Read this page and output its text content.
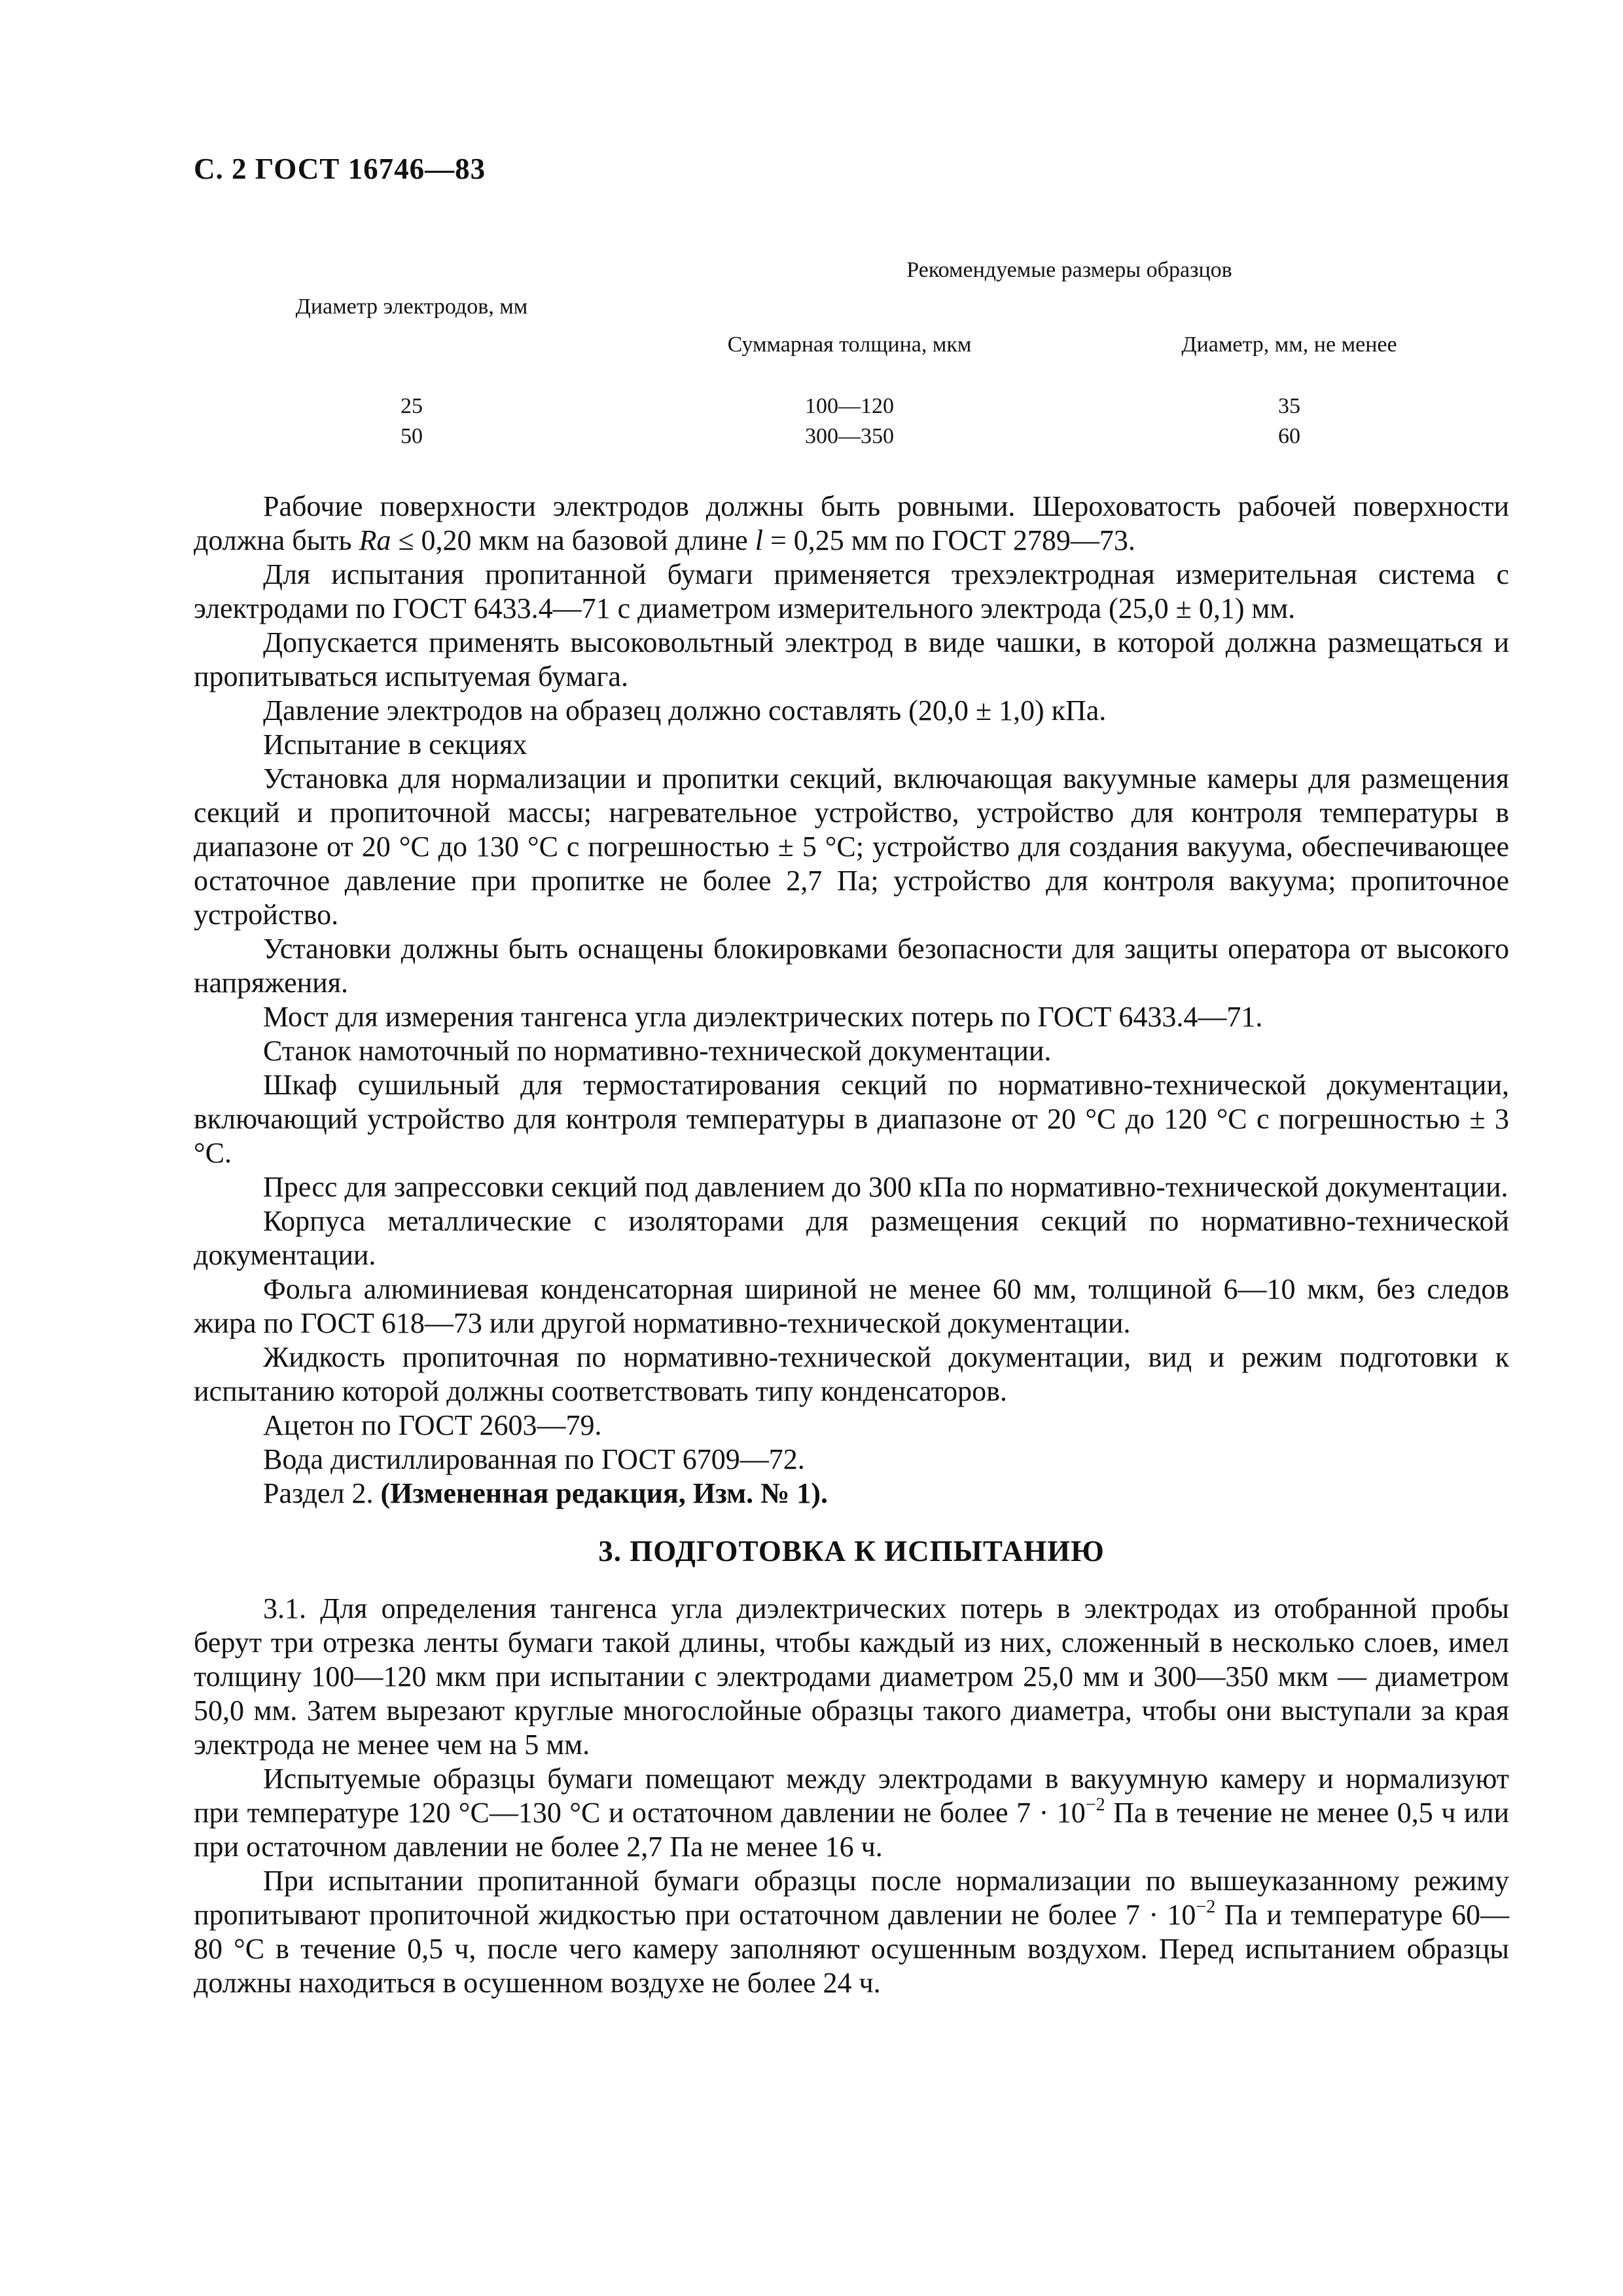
С. 2 ГОСТ 16746—83
Диаметр электродов, мм
Рекомендуемые размеры образцов
Суммарная толщина, мкм	Диаметр, мм, не менее
25	100—120	35
50	300—350	60

Рабочие поверхности электродов должны быть ровными. Шероховатость рабочей поверхности должна быть Ra ≤ 0,20 мкм на базовой длине l = 0,25 мм по ГОСТ 2789—73.

Для испытания пропитанной бумаги применяется трехэлектродная измерительная система с электродами по ГОСТ 6433.4—71 с диаметром измерительного электрода (25,0 ± 0,1) мм.

Допускается применять высоковольтный электрод в виде чашки, в которой должна размещаться и пропитываться испытуемая бумага.

Давление электродов на образец должно составлять (20,0 ± 1,0) кПа.

Испытание в секциях

Установка для нормализации и пропитки секций, включающая вакуумные камеры для размещения секций и пропиточной массы; нагревательное устройство, устройство для контроля температуры в диапазоне от 20 °С до 130 °С с погрешностью ± 5 °С; устройство для создания вакуума, обеспечивающее остаточное давление при пропитке не более 2,7 Па; устройство для контроля вакуума; пропиточное устройство.

Установки должны быть оснащены блокировками безопасности для защиты оператора от высокого напряжения.

Мост для измерения тангенса угла диэлектрических потерь по ГОСТ 6433.4—71.

Станок намоточный по нормативно-технической документации.

Шкаф сушильный для термостатирования секций по нормативно-технической документации, включающий устройство для контроля температуры в диапазоне от 20 °С до 120 °С с погрешностью ± 3 °С.

Пресс для запрессовки секций под давлением до 300 кПа по нормативно-технической документации.

Корпуса металлические с изоляторами для размещения секций по нормативно-технической документации.

Фольга алюминиевая конденсаторная шириной не менее 60 мм, толщиной 6—10 мкм, без следов жира по ГОСТ 618—73 или другой нормативно-технической документации.

Жидкость пропиточная по нормативно-технической документации, вид и режим подготовки к испытанию которой должны соответствовать типу конденсаторов.

Ацетон по ГОСТ 2603—79.

Вода дистиллированная по ГОСТ 6709—72.

Раздел 2. (Измененная редакция, Изм. № 1).

3. ПОДГОТОВКА К ИСПЫТАНИЮ

3.1. Для определения тангенса угла диэлектрических потерь в электродах из отобранной пробы берут три отрезка ленты бумаги такой длины, чтобы каждый из них, сложенный в несколько слоев, имел толщину 100—120 мкм при испытании с электродами диаметром 25,0 мм и 300—350 мкм — диаметром 50,0 мм. Затем вырезают круглые многослойные образцы такого диаметра, чтобы они выступали за края электрода не менее чем на 5 мм.

Испытуемые образцы бумаги помещают между электродами в вакуумную камеру и нормализуют при температуре 120 °С—130 °С и остаточном давлении не более $7 \cdot 10^{-2}$ Па в течение не менее 0,5 ч или при остаточном давлении не более 2,7 Па не менее 16 ч.

При испытании пропитанной бумаги образцы после нормализации по вышеуказанному режиму пропитывают пропиточной жидкостью при остаточном давлении не более $7 \cdot 10^{-2}$ Па и температуре 60—80 °С в течение 0,5 ч, после чего камеру заполняют осушенным воздухом. Перед испытанием образцы должны находиться в осушенном воздухе не более 24 ч.
